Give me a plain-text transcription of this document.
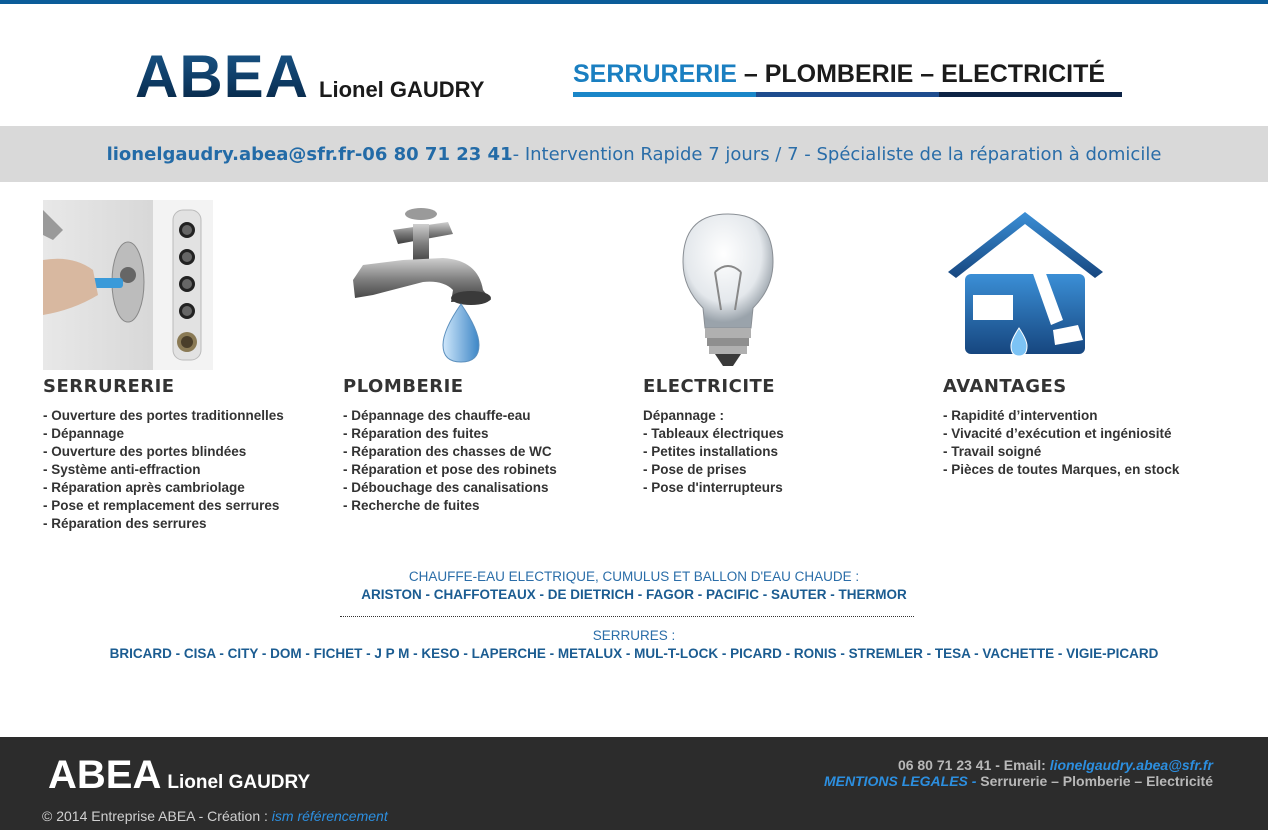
ABEA Lionel GAUDRY
SERRURERIE – PLOMBERIE – ELECTRICITÉ
lionelgaudry.abea@sfr.fr - 06 80 71 23 41 - Intervention Rapide 7 jours / 7 - Spécialiste de la réparation à domicile
SERRURERIE
- Ouverture des portes traditionnelles
- Dépannage
- Ouverture des portes blindées
- Système anti-effraction
- Réparation après cambriolage
- Pose et remplacement des serrures
- Réparation des serrures
PLOMBERIE
- Dépannage des chauffe-eau
- Réparation des fuites
- Réparation des chasses de WC
- Réparation et pose des robinets
- Débouchage des canalisations
- Recherche de fuites
ELECTRICITE
Dépannage :
- Tableaux électriques
- Petites installations
- Pose de prises
- Pose d'interrupteurs
AVANTAGES
- Rapidité d’intervention
- Vivacité d’exécution et ingéniosité
- Travail soigné
- Pièces de toutes Marques, en stock
CHAUFFE-EAU ELECTRIQUE, CUMULUS ET BALLON D'EAU CHAUDE :
ARISTON - CHAFFOTEAUX - DE DIETRICH - FAGOR - PACIFIC - SAUTER - THERMOR
SERRURES :
BRICARD - CISA - CITY - DOM - FICHET - J P M - KESO - LAPERCHE - METALUX - MUL-T-LOCK - PICARD - RONIS - STREMLER - TESA - VACHETTE - VIGIE-PICARD
ABEA Lionel GAUDRY
© 2014 Entreprise ABEA - Création : ism référencement
06 80 71 23 41 - Email: lionelgaudry.abea@sfr.fr
MENTIONS LEGALES - Serrurerie – Plomberie – Electricité
